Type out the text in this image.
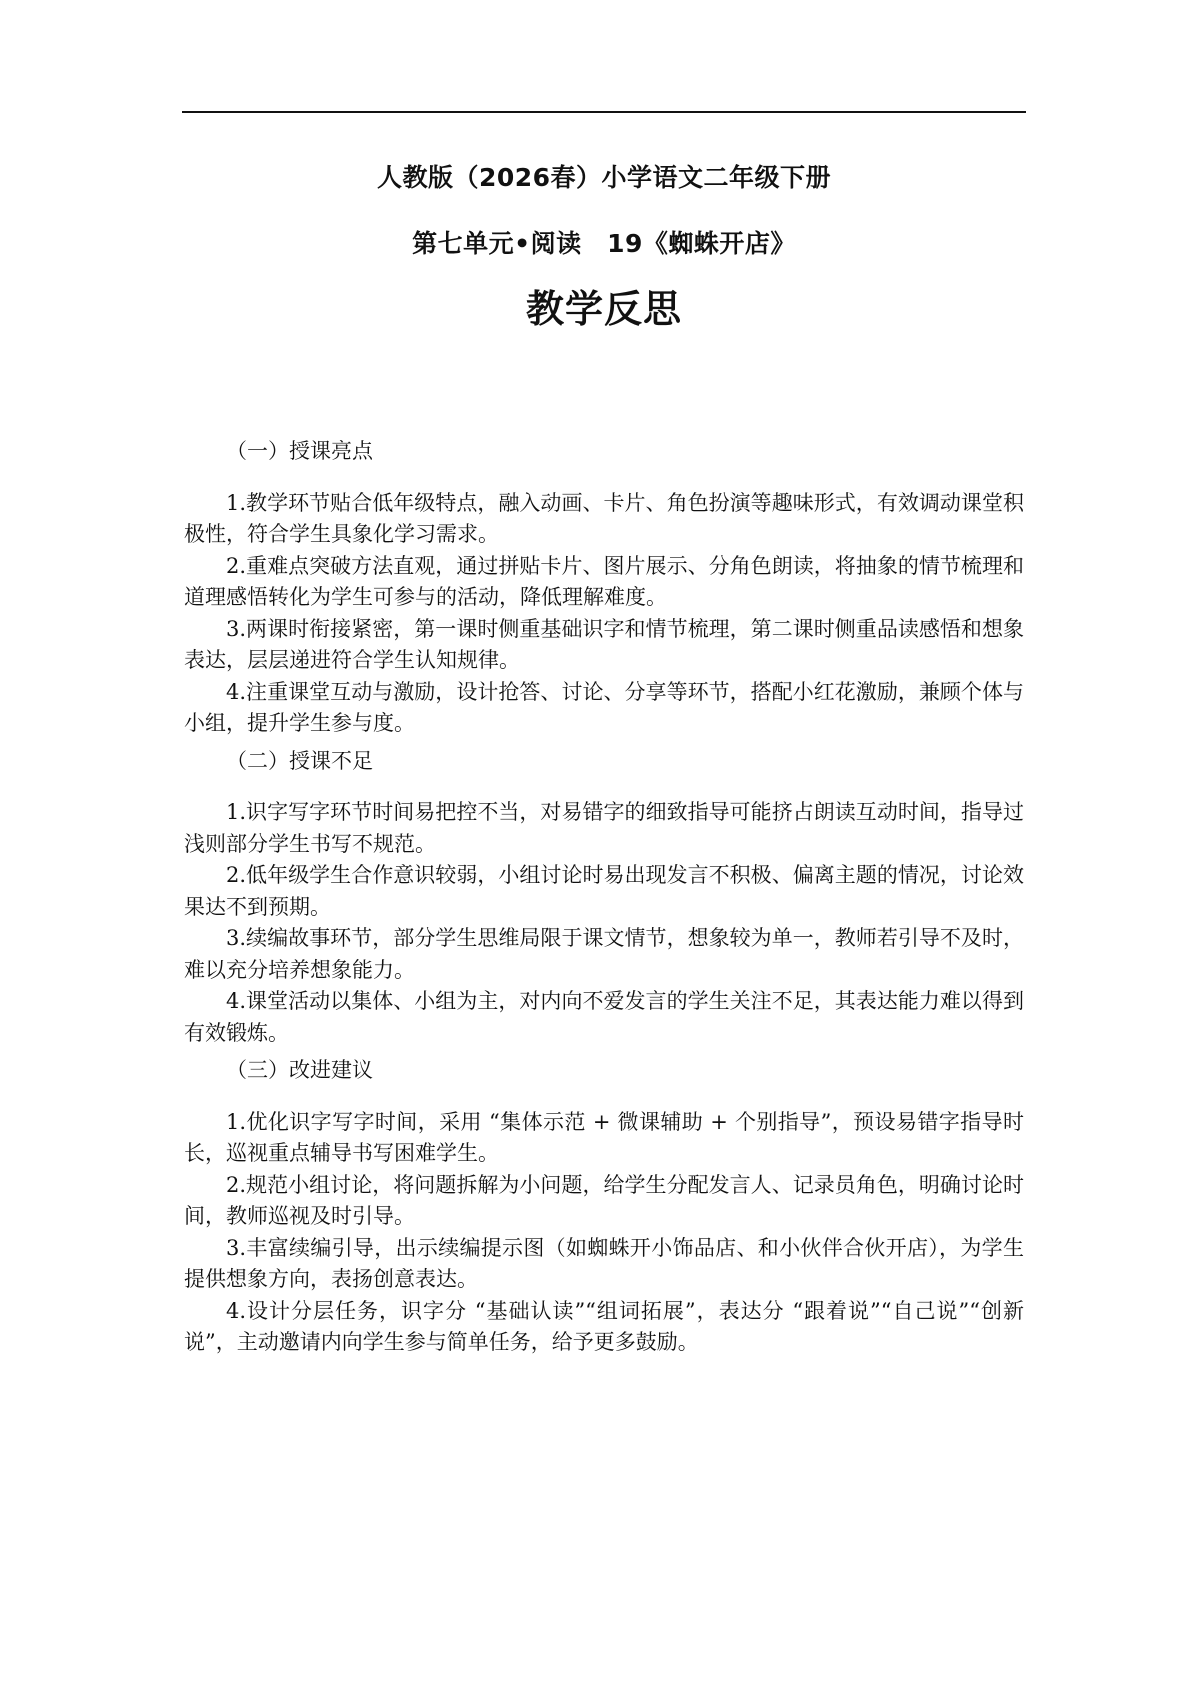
人教版（2026春）小学语文二年级下册
第七单元•阅读　19《蜘蛛开店》
教学反思

（一）授课亮点

1.教学环节贴合低年级特点，融入动画、卡片、角色扮演等趣味形式，有效调动课堂积极性，符合学生具象化学习需求。

2.重难点突破方法直观，通过拼贴卡片、图片展示、分角色朗读，将抽象的情节梳理和道理感悟转化为学生可参与的活动，降低理解难度。

3.两课时衔接紧密，第一课时侧重基础识字和情节梳理，第二课时侧重品读感悟和想象表达，层层递进符合学生认知规律。

4.注重课堂互动与激励，设计抢答、讨论、分享等环节，搭配小红花激励，兼顾个体与小组，提升学生参与度。

（二）授课不足

1.识字写字环节时间易把控不当，对易错字的细致指导可能挤占朗读互动时间，指导过浅则部分学生书写不规范。

2.低年级学生合作意识较弱，小组讨论时易出现发言不积极、偏离主题的情况，讨论效果达不到预期。

3.续编故事环节，部分学生思维局限于课文情节，想象较为单一，教师若引导不及时，难以充分培养想象能力。

4.课堂活动以集体、小组为主，对内向不爱发言的学生关注不足，其表达能力难以得到有效锻炼。

（三）改进建议

1.优化识字写字时间，采用 “集体示范 + 微课辅助 + 个别指导”，预设易错字指导时长，巡视重点辅导书写困难学生。

2.规范小组讨论，将问题拆解为小问题，给学生分配发言人、记录员角色，明确讨论时间，教师巡视及时引导。

3.丰富续编引导，出示续编提示图（如蜘蛛开小饰品店、和小伙伴合伙开店），为学生提供想象方向，表扬创意表达。

4.设计分层任务，识字分 “基础认读”“组词拓展”，表达分 “跟着说”“自己说”“创新说”，主动邀请内向学生参与简单任务，给予更多鼓励。
